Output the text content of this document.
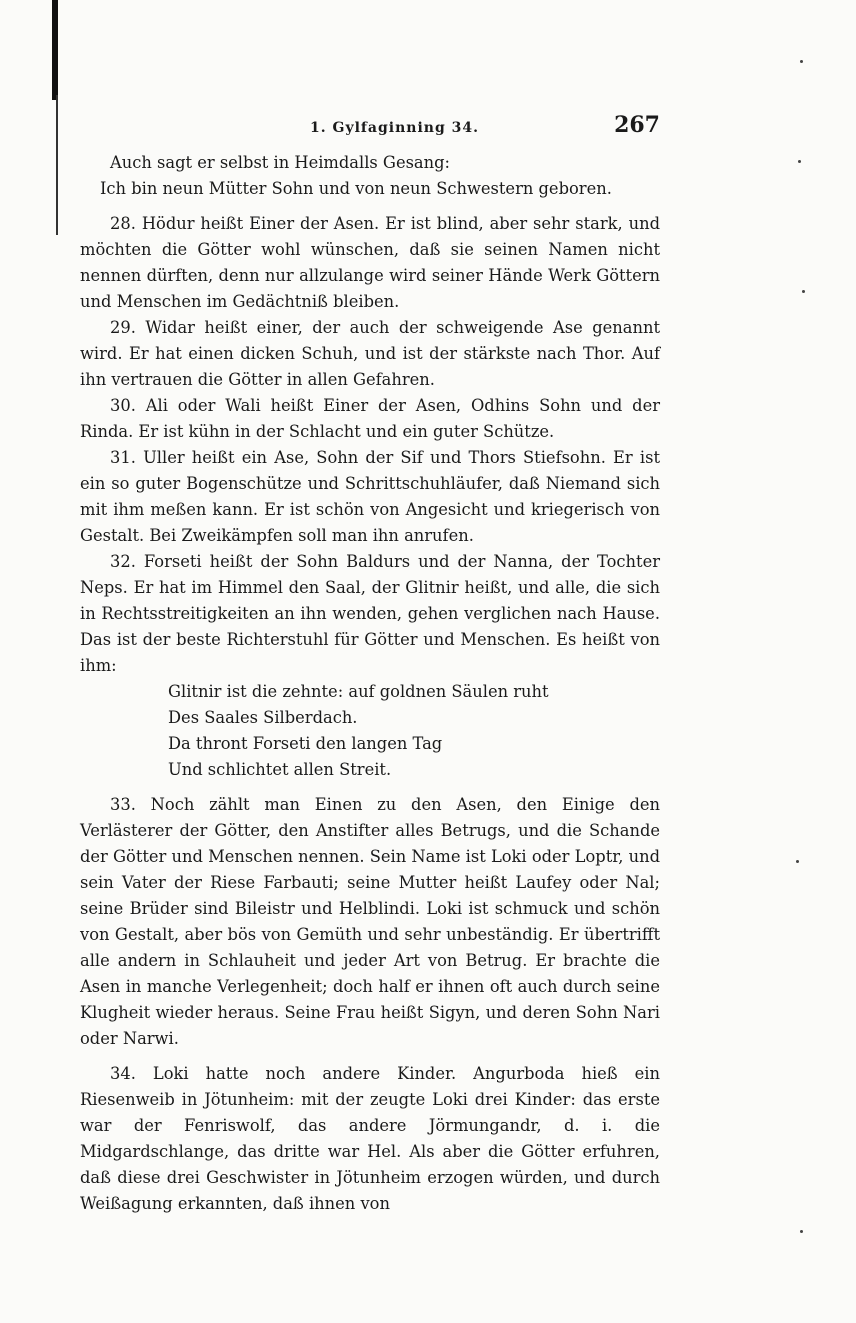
1. Gylfaginning 34.	267

Auch sagt er selbst in Heimdalls Gesang:

Ich bin neun Mütter Sohn und von neun Schwestern geboren.

28. Hödur heißt Einer der Asen. Er ist blind, aber sehr stark, und möchten die Götter wohl wünschen, daß sie seinen Namen nicht nennen dürften, denn nur allzulange wird seiner Hände Werk Göttern und Menschen im Gedächtniß bleiben.

29. Widar heißt einer, der auch der schweigende Ase genannt wird. Er hat einen dicken Schuh, und ist der stärkste nach Thor. Auf ihn vertrauen die Götter in allen Gefahren.

30. Ali oder Wali heißt Einer der Asen, Odhins Sohn und der Rinda. Er ist kühn in der Schlacht und ein guter Schütze.

31. Uller heißt ein Ase, Sohn der Sif und Thors Stiefsohn. Er ist ein so guter Bogenschütze und Schrittschuhläufer, daß Niemand sich mit ihm meßen kann. Er ist schön von Angesicht und kriegerisch von Gestalt. Bei Zweikämpfen soll man ihn anrufen.

32. Forseti heißt der Sohn Baldurs und der Nanna, der Tochter Neps. Er hat im Himmel den Saal, der Glitnir heißt, und alle, die sich in Rechtsstreitigkeiten an ihn wenden, gehen verglichen nach Hause. Das ist der beste Richterstuhl für Götter und Menschen. Es heißt von ihm:

Glitnir ist die zehnte: auf goldnen Säulen ruht
Des Saales Silberdach.
Da thront Forseti den langen Tag
Und schlichtet allen Streit.

33. Noch zählt man Einen zu den Asen, den Einige den Verlästerer der Götter, den Anstifter alles Betrugs, und die Schande der Götter und Menschen nennen. Sein Name ist Loki oder Loptr, und sein Vater der Riese Farbauti; seine Mutter heißt Laufey oder Nal; seine Brüder sind Bileistr und Helblindi. Loki ist schmuck und schön von Gestalt, aber bös von Gemüth und sehr unbeständig. Er übertrifft alle andern in Schlauheit und jeder Art von Betrug. Er brachte die Asen in manche Verlegenheit; doch half er ihnen oft auch durch seine Klugheit wieder heraus. Seine Frau heißt Sigyn, und deren Sohn Nari oder Narwi.

34. Loki hatte noch andere Kinder. Angurboda hieß ein Riesenweib in Jötunheim: mit der zeugte Loki drei Kinder: das erste war der Fenriswolf, das andere Jörmungandr, d. i. die Midgardschlange, das dritte war Hel. Als aber die Götter erfuhren, daß diese drei Geschwister in Jötunheim erzogen würden, und durch Weißagung erkannten, daß ihnen von
